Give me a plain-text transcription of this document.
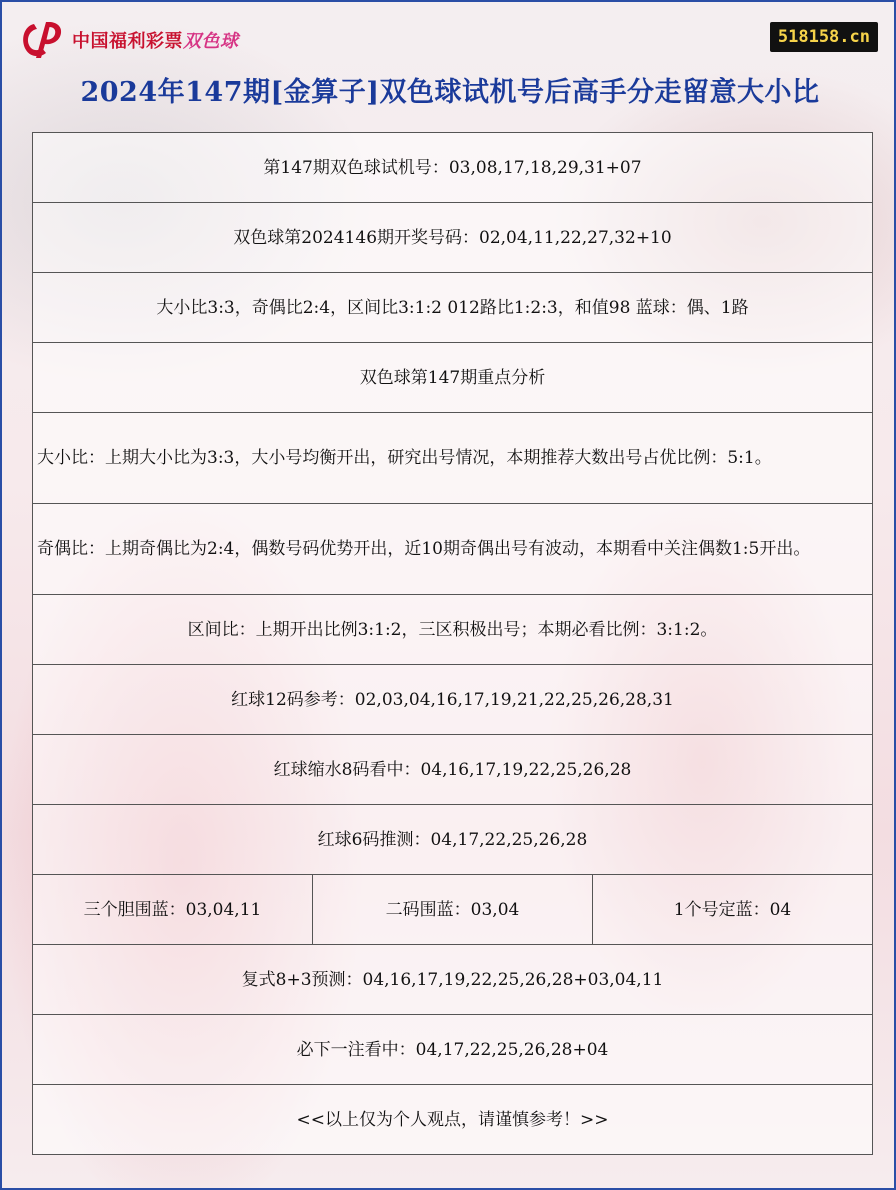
中国福利彩票双色球	518158.cn
2024年147期[金算子]双色球试机号后高手分走留意大小比
第147期双色球试机号：03,08,17,18,29,31+07
双色球第2024146期开奖号码：02,04,11,22,27,32+10
大小比3:3，奇偶比2:4，区间比3:1:2 012路比1:2:3，和值98 蓝球：偶、1路
双色球第147期重点分析
大小比：上期大小比为3:3，大小号均衡开出，研究出号情况，本期推荐大数出号占优比例：5:1。
奇偶比：上期奇偶比为2:4，偶数号码优势开出，近10期奇偶出号有波动，本期看中关注偶数1:5开出。
区间比：上期开出比例3:1:2，三区积极出号；本期必看比例：3:1:2。
红球12码参考：02,03,04,16,17,19,21,22,25,26,28,31
红球缩水8码看中：04,16,17,19,22,25,26,28
红球6码推测：04,17,22,25,26,28
三个胆围蓝：03,04,11	二码围蓝：03,04	1个号定蓝：04
复式8+3预测：04,16,17,19,22,25,26,28+03,04,11
必下一注看中：04,17,22,25,26,28+04
<<以上仅为个人观点，请谨慎参考！>>
